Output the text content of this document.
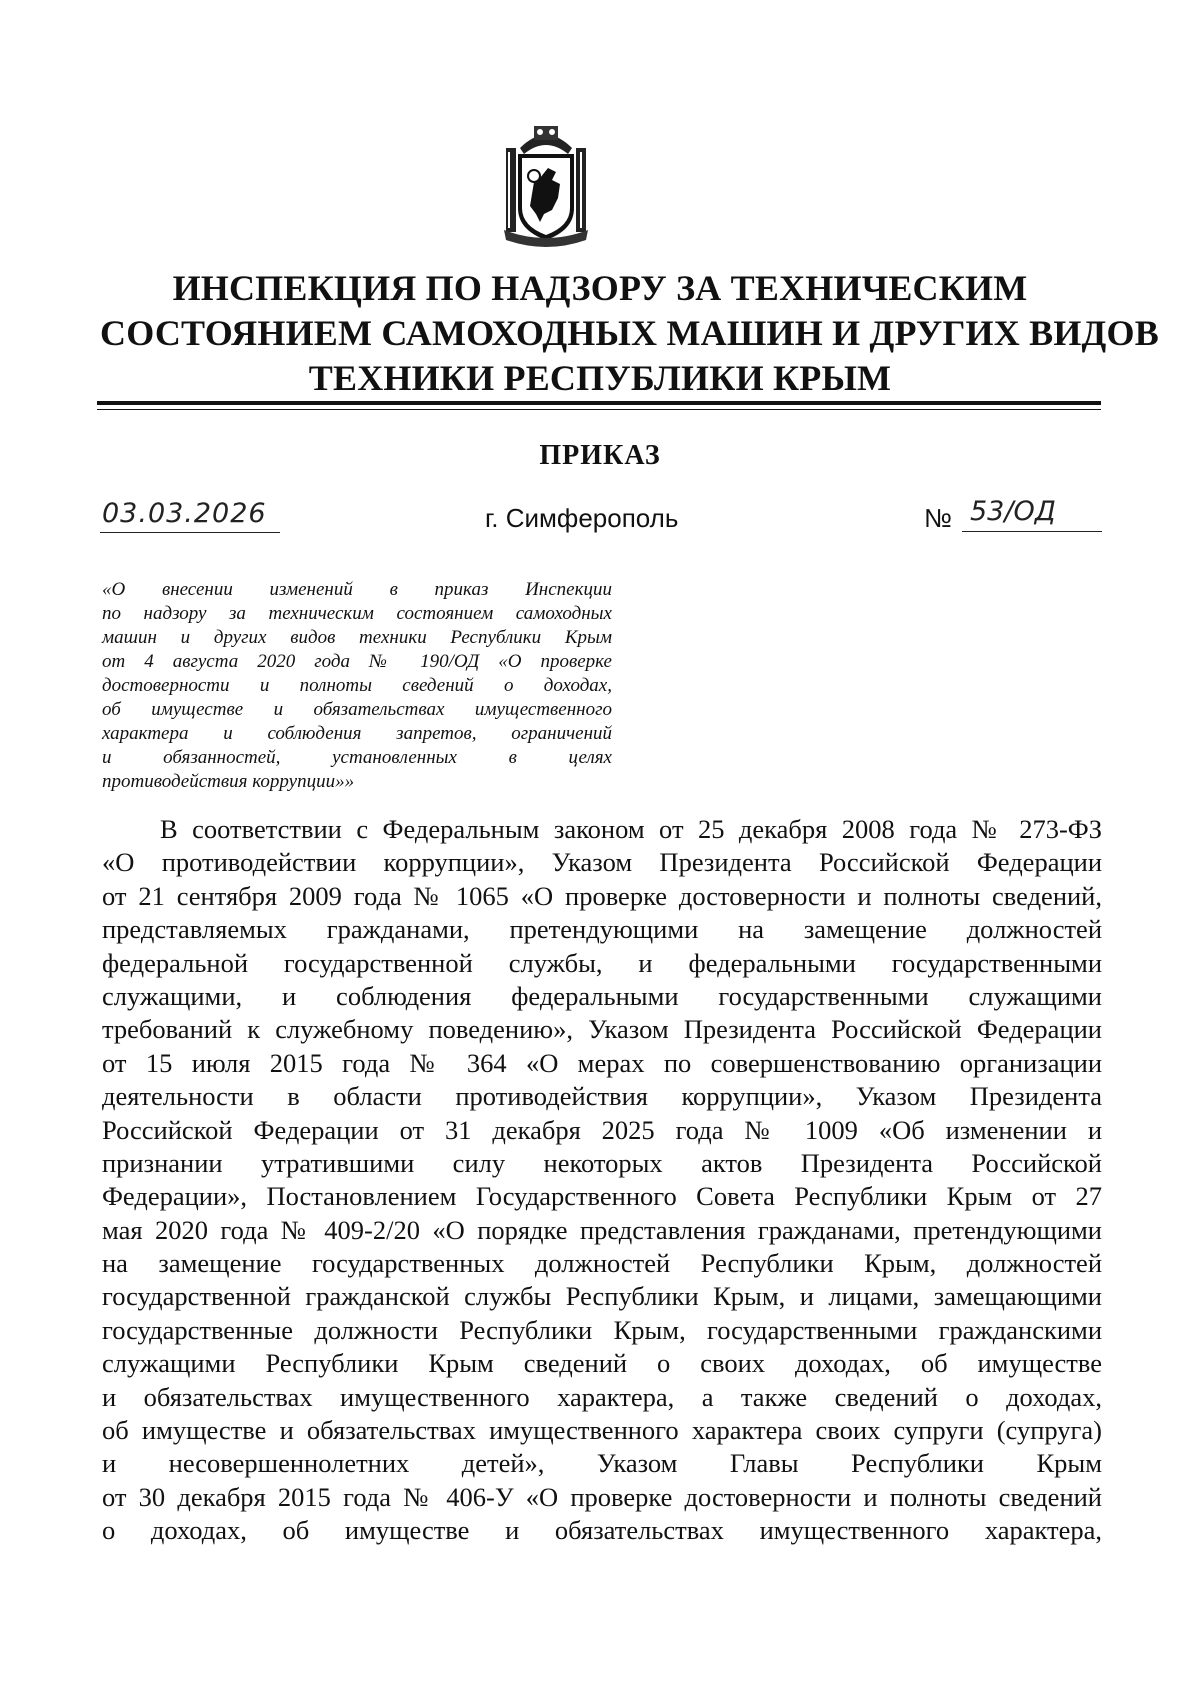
ИНСПЕКЦИЯ ПО НАДЗОРУ ЗА ТЕХНИЧЕСКИМ
СОСТОЯНИЕМ САМОХОДНЫХ МАШИН И ДРУГИХ ВИДОВ
ТЕХНИКИ РЕСПУБЛИКИ КРЫМ
ПРИКАЗ
03.03.2026	г. Симферополь	№ 53/ОД
«О внесении изменений в приказ Инспекции
по надзору за техническим состоянием самоходных
машин и других видов техники Республики Крым
от 4 августа 2020 года № 190/ОД «О проверке
достоверности и полноты сведений о доходах,
об имуществе и обязательствах имущественного
характера и соблюдения запретов, ограничений
и обязанностей, установленных в целях
противодействия коррупции»»
В соответствии с Федеральным законом от 25 декабря 2008 года № 273-ФЗ
«О противодействии коррупции», Указом Президента Российской Федерации
от 21 сентября 2009 года № 1065 «О проверке достоверности и полноты сведений,
представляемых гражданами, претендующими на замещение должностей
федеральной государственной службы, и федеральными государственными
служащими, и соблюдения федеральными государственными служащими
требований к служебному поведению», Указом Президента Российской Федерации
от 15 июля 2015 года № 364 «О мерах по совершенствованию организации
деятельности в области противодействия коррупции», Указом Президента
Российской Федерации от 31 декабря 2025 года № 1009 «Об изменении и
признании утратившими силу некоторых актов Президента Российской
Федерации», Постановлением Государственного Совета Республики Крым от 27
мая 2020 года № 409-2/20 «О порядке представления гражданами, претендующими
на замещение государственных должностей Республики Крым, должностей
государственной гражданской службы Республики Крым, и лицами, замещающими
государственные должности Республики Крым, государственными гражданскими
служащими Республики Крым сведений о своих доходах, об имуществе
и обязательствах имущественного характера, а также сведений о доходах,
об имуществе и обязательствах имущественного характера своих супруги (супруга)
и несовершеннолетних детей», Указом Главы Республики Крым
от 30 декабря 2015 года № 406-У «О проверке достоверности и полноты сведений
о доходах, об имуществе и обязательствах имущественного характера,
